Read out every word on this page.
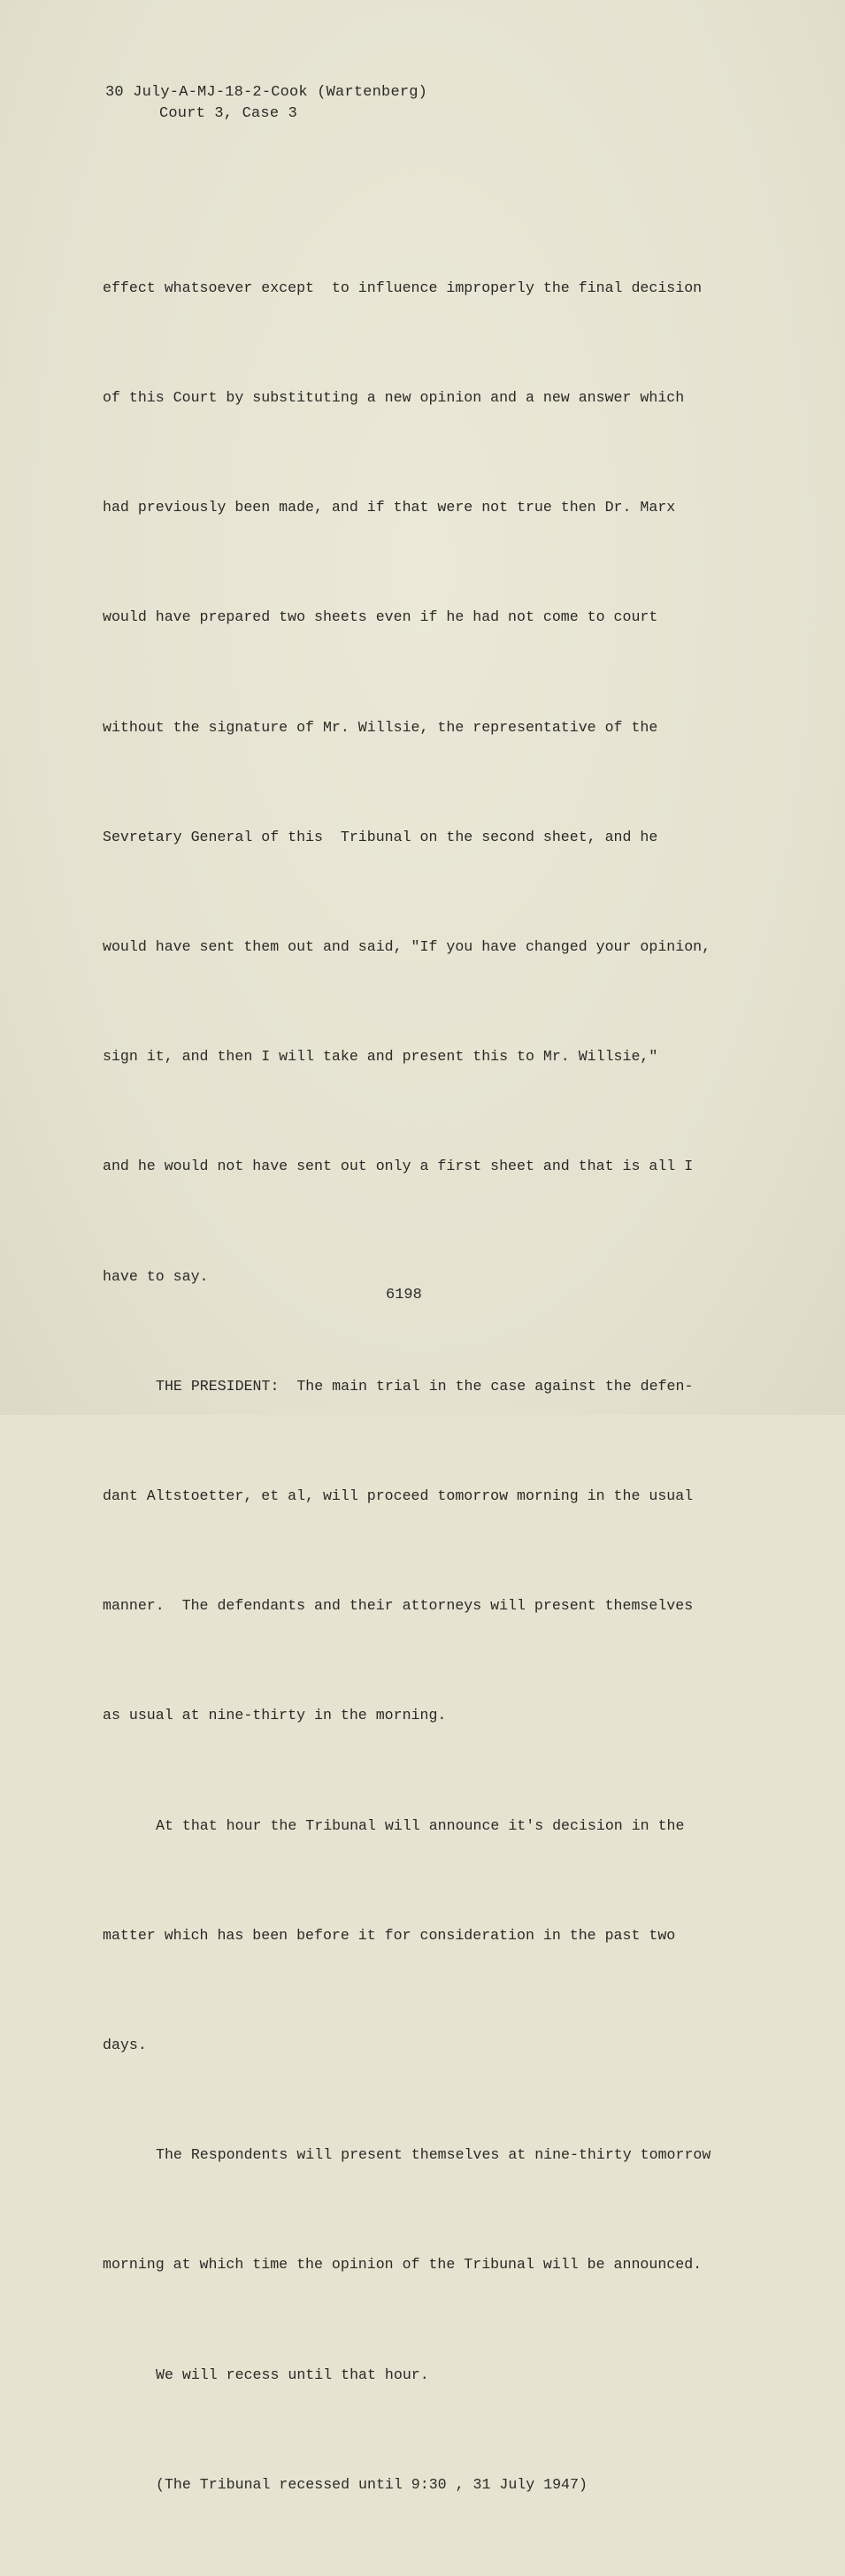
30 July-A-MJ-18-2-Cook (Wartenberg)
Court 3, Case 3

effect whatsoever except  to influence improperly the final decision

of this Court by substituting a new opinion and a new answer which

had previously been made, and if that were not true then Dr. Marx

would have prepared two sheets even if he had not come to court

without the signature of Mr. Willsie, the representative of the

Sevretary General of this  Tribunal on the second sheet, and he

would have sent them out and said, "If you have changed your opinion,

sign it, and then I will take and present this to Mr. Willsie,"

and he would not have sent out only a first sheet and that is all I

have to say.

THE PRESIDENT:  The main trial in the case against the defen-

dant Altstoetter, et al, will proceed tomorrow morning in the usual

manner.  The defendants and their attorneys will present themselves

as usual at nine-thirty in the morning.

At that hour the Tribunal will announce it's decision in the

matter which has been before it for consideration in the past two

days.

The Respondents will present themselves at nine-thirty tomorrow

morning at which time the opinion of the Tribunal will be announced.

We will recess until that hour.

(The Tribunal recessed until 9:30 , 31 July 1947)

6198
